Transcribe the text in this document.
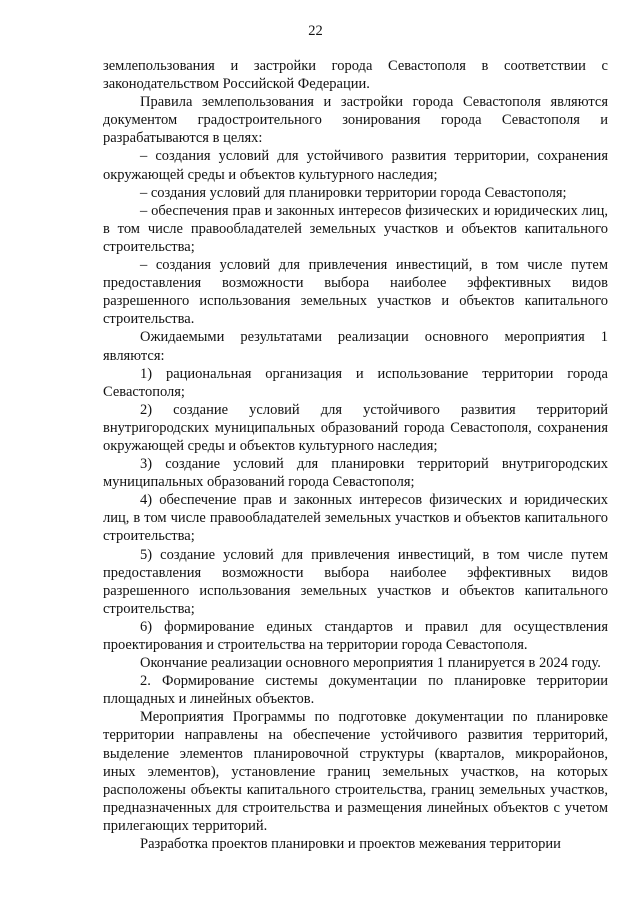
22

землепользования и застройки города Севастополя в соответствии с законодательством Российской Федерации.

Правила землепользования и застройки города Севастополя являются документом градостроительного зонирования города Севастополя и разрабатываются в целях:

– создания условий для устойчивого развития территории, сохранения окружающей среды и объектов культурного наследия;

– создания условий для планировки территории города Севастополя;

– обеспечения прав и законных интересов физических и юридических лиц, в том числе правообладателей земельных участков и объектов капитального строительства;

– создания условий для привлечения инвестиций, в том числе путем предоставления возможности выбора наиболее эффективных видов разрешенного использования земельных участков и объектов капитального строительства.

Ожидаемыми результатами реализации основного мероприятия 1 являются:

1) рациональная организация и использование территории города Севастополя;

2) создание условий для устойчивого развития территорий внутригородских муниципальных образований города Севастополя, сохранения окружающей среды и объектов культурного наследия;

3) создание условий для планировки территорий внутригородских муниципальных образований города Севастополя;

4) обеспечение прав и законных интересов физических и юридических лиц, в том числе правообладателей земельных участков и объектов капитального строительства;

5) создание условий для привлечения инвестиций, в том числе путем предоставления возможности выбора наиболее эффективных видов разрешенного использования земельных участков и объектов капитального строительства;

6) формирование единых стандартов и правил для осуществления проектирования и строительства на территории города Севастополя.

Окончание реализации основного мероприятия 1 планируется в 2024 году.

2. Формирование системы документации по планировке территории площадных и линейных объектов.

Мероприятия Программы по подготовке документации по планировке территории направлены на обеспечение устойчивого развития территорий, выделение элементов планировочной структуры (кварталов, микрорайонов, иных элементов), установление границ земельных участков, на которых расположены объекты капитального строительства, границ земельных участков, предназначенных для строительства и размещения линейных объектов с учетом прилегающих территорий.

Разработка проектов планировки и проектов межевания территории
